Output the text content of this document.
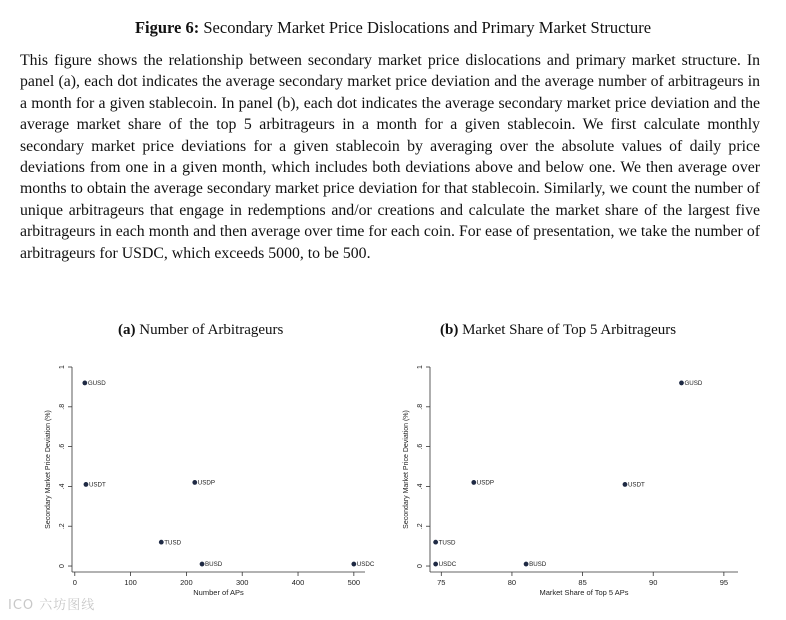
Figure 6: Secondary Market Price Dislocations and Primary Market Structure
This figure shows the relationship between secondary market price dislocations and primary market structure. In panel (a), each dot indicates the average secondary market price deviation and the average number of arbitrageurs in a month for a given stablecoin. In panel (b), each dot indicates the average secondary market price deviation and the average market share of the top 5 arbitrageurs in a month for a given stablecoin. We first calculate monthly secondary market price deviations for a given stablecoin by averaging over the absolute values of daily price deviations from one in a given month, which includes both deviations above and below one. We then average over months to obtain the average secondary market price deviation for that stablecoin. Similarly, we count the number of unique arbitrageurs that engage in redemptions and/or creations and calculate the market share of the largest five arbitrageurs in each month and then average over time for each coin. For ease of presentation, we take the number of arbitrageurs for USDC, which exceeds 5000, to be 500.
(a) Number of Arbitrageurs	(b) Market Share of Top 5 Arbitrageurs
0
.2
.4
.6
.8
1
0	100	200	300	400	500
Number of APs
Secondary Market Price Deviation (%)
GUSD
USDT	USDP
TUSD
BUSD	USDC	0
.2
.4
.6
.8
1
75	80	85	90	95
Market Share of Top 5 APs
Secondary Market Price Deviation (%)
GUSD
USDP	USDT
TUSD
USDC	BUSD
ICO 六坊图线
